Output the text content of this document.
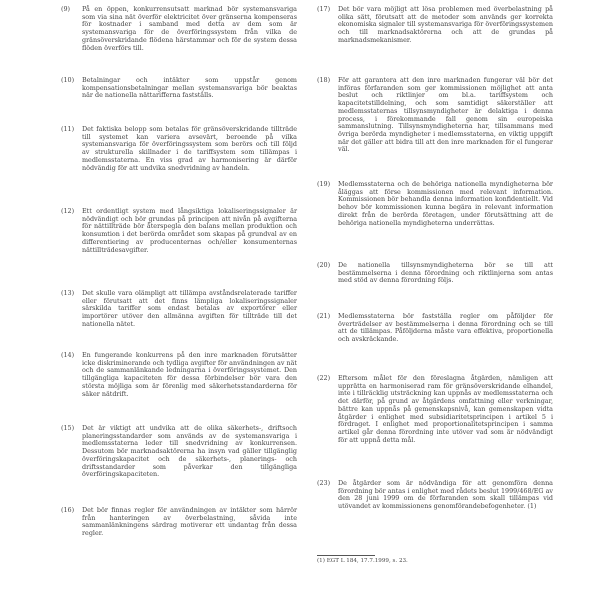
(9)	På en öppen, konkurrensutsatt marknad bör systemansvariga som via sina nät överför elektricitet över gränserna kompenseras för kostnader i samband med detta av dem som är systemansvariga för de överföringssystem från vilka de gränsöverskridande flödena härstammar och för de system dessa flöden överförs till.
(10)	Betalningar och intäkter som uppstår genom kompensationsbetalningar mellan systemansvariga bör beaktas när de nationella nättarifferna fastställs.
(11)	Det faktiska belopp som betalas för gränsöverskridande tillträde till systemet kan variera avsevärt, beroende på vilka systemansvariga för överföringssystem som berörs och till följd av strukturella skillnader i de tariffsystem som tillämpas i medlemsstaterna. En viss grad av harmonisering är därför nödvändig för att undvika snedvridning av handeln.
(12)	Ett ordentligt system med långsiktiga lokaliseringssignaler är nödvändigt och bör grundas på principen att nivån på avgifterna för nättillträde bör återspegla den balans mellan produktion och konsumtion i det berörda området som skapas på grundval av en differentiering av producenternas och/eller konsumenternas nättillträdesavgifter.
(13)	Det skulle vara olämpligt att tillämpa avståndsrelaterade tariffer eller förutsatt att det finns lämpliga lokaliseringssignaler särskilda tariffer som endast betalas av exportörer eller importörer utöver den allmänna avgiften för tillträde till det nationella nätet.
(14)	En fungerande konkurrens på den inre marknaden förutsätter icke diskriminerande och tydliga avgifter för användningen av nät och de sammanlänkande ledningarna i överföringssystemet. Den tillgängliga kapaciteten för dessa förbindelser bör vara den största möjliga som är förenlig med säkerhetsstandarderna för säker nätdrift.
(15)	Det är viktigt att undvika att de olika säkerhets-, driftsoch planeringsstandarder som används av de systemansvariga i medlemsstaterna leder till snedvridning av konkurrensen. Dessutom bör marknadsaktörerna ha insyn vad gäller tillgänglig överföringskapacitet och de säkerhets-, planerings- och driftsstandarder som påverkar den tillgängliga överföringskapaciteten.
(16)	Det bör finnas regler för användningen av intäkter som härrör från hanteringen av överbelastning, såvida inte sammanlänkningens särdrag motiverar ett undantag från dessa regler.
(17)	Det bör vara möjligt att lösa problemen med överbelastning på olika sätt, förutsatt att de metoder som används ger korrekta ekonomiska signaler till systemansvariga för överföringssystemen och till marknadsaktörerna och att de grundas på marknadsmekanismer.
(18)	För att garantera att den inre marknaden fungerar väl bör det införas förfaranden som ger kommissionen möjlighet att anta beslut och riktlinjer om bl.a. tariffsystem och kapacitetstilldelning, och som samtidigt säkerställer att medlemsstaternas tillsynsmyndigheter är delaktiga i denna process, i förekommande fall genom sin europeiska sammanslutning. Tillsynsmyndigheterna har, tillsammans med övriga berörda myndigheter i medlemsstaterna, en viktig uppgift när det gäller att bidra till att den inre marknaden för el fungerar väl.
(19)	Medlemsstaterna och de behöriga nationella myndigheterna bör åläggas att förse kommissionen med relevant information. Kommissionen bör behandla denna information konfidentiellt. Vid behov bör kommissionen kunna begära in relevant information direkt från de berörda företagen, under förutsättning att de behöriga nationella myndigheterna underrättas.
(20)	De nationella tillsynsmyndigheterna bör se till att bestämmelserna i denna förordning och riktlinjerna som antas med stöd av denna förordning följs.
(21)	Medlemsstaterna bör fastställa regler om påföljder för överträdelser av bestämmelserna i denna förordning och se till att de tillämpas. Påföljderna måste vara effektiva, proportionella och avskräckande.
(22)	Eftersom målet för den föreslagna åtgärden, nämligen att upprätta en harmoniserad ram för gränsöverskridande elhandel, inte i tillräcklig utsträckning kan uppnås av medlemsstaterna och det därför, på grund av åtgärdens omfattning eller verkningar, bättre kan uppnås på gemenskapsnivå, kan gemenskapen vidta åtgärder i enlighet med subsidiaritetsprincipen i artikel 5 i fördraget. I enlighet med proportionalitetsprincipen i samma artikel går denna förordning inte utöver vad som är nödvändigt för att uppnå detta mål.
(23)	De åtgärder som är nödvändiga för att genomföra denna förordning bör antas i enlighet med rådets beslut 1999/468/EG av den 28 juni 1999 om de förfaranden som skall tillämpas vid utövandet av kommissionens genomförandebefogenheter. (1)
(1) EGT L 184, 17.7.1999, s. 23.
